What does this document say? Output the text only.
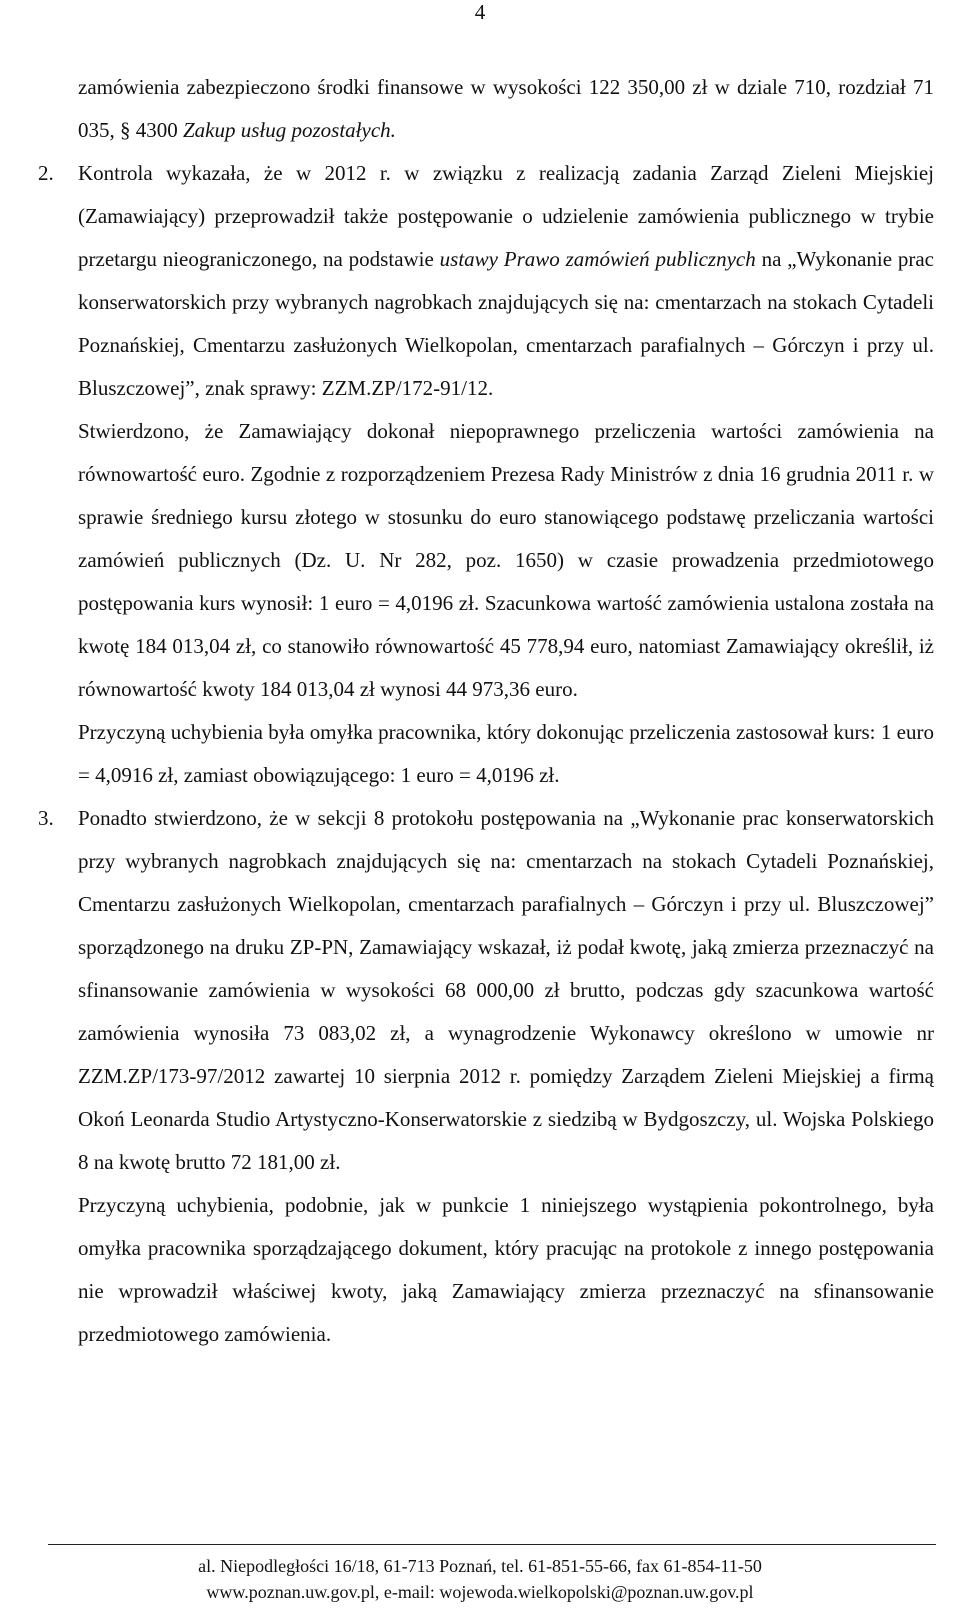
4

zamówienia zabezpieczono środki finansowe w wysokości 122 350,00 zł w dziale 710, rozdział 71 035, § 4300 Zakup usług pozostałych.

2. Kontrola wykazała, że w 2012 r. w związku z realizacją zadania Zarząd Zieleni Miejskiej (Zamawiający) przeprowadził także postępowanie o udzielenie zamówienia publicznego w trybie przetargu nieograniczonego, na podstawie ustawy Prawo zamówień publicznych na „Wykonanie prac konserwatorskich przy wybranych nagrobkach znajdujących się na: cmentarzach na stokach Cytadeli Poznańskiej, Cmentarzu zasłużonych Wielkopolan, cmentarzach parafialnych – Górczyn i przy ul. Bluszczowej”, znak sprawy: ZZM.ZP/172-91/12.

Stwierdzono, że Zamawiający dokonał niepoprawnego przeliczenia wartości zamówienia na równowartość euro. Zgodnie z rozporządzeniem Prezesa Rady Ministrów z dnia 16 grudnia 2011 r. w sprawie średniego kursu złotego w stosunku do euro stanowiącego podstawę przeliczania wartości zamówień publicznych (Dz. U. Nr 282, poz. 1650) w czasie prowadzenia przedmiotowego postępowania kurs wynosił: 1 euro = 4,0196 zł. Szacunkowa wartość zamówienia ustalona została na kwotę 184 013,04 zł, co stanowiło równowartość 45 778,94 euro, natomiast Zamawiający określił, iż równowartość kwoty 184 013,04 zł wynosi 44 973,36 euro.

Przyczyną uchybienia była omyłka pracownika, który dokonując przeliczenia zastosował kurs: 1 euro = 4,0916 zł, zamiast obowiązującego: 1 euro = 4,0196 zł.

3. Ponadto stwierdzono, że w sekcji 8 protokołu postępowania na „Wykonanie prac konserwatorskich przy wybranych nagrobkach znajdujących się na: cmentarzach na stokach Cytadeli Poznańskiej, Cmentarzu zasłużonych Wielkopolan, cmentarzach parafialnych – Górczyn i przy ul. Bluszczowej” sporządzonego na druku ZP-PN, Zamawiający wskazał, iż podał kwotę, jaką zmierza przeznaczyć na sfinansowanie zamówienia w wysokości 68 000,00 zł brutto, podczas gdy szacunkowa wartość zamówienia wynosiła 73 083,02 zł, a wynagrodzenie Wykonawcy określono w umowie nr ZZM.ZP/173-97/2012 zawartej 10 sierpnia 2012 r. pomiędzy Zarządem Zieleni Miejskiej a firmą Okoń Leonarda Studio Artystyczno-Konserwatorskie z siedzibą w Bydgoszczy, ul. Wojska Polskiego 8 na kwotę brutto 72 181,00 zł.

Przyczyną uchybienia, podobnie, jak w punkcie 1 niniejszego wystąpienia pokontrolnego, była omyłka pracownika sporządzającego dokument, który pracując na protokole z innego postępowania nie wprowadził właściwej kwoty, jaką Zamawiający zmierza przeznaczyć na sfinansowanie przedmiotowego zamówienia.

al. Niepodległości 16/18, 61-713 Poznań, tel. 61-851-55-66, fax 61-854-11-50
www.poznan.uw.gov.pl, e-mail: wojewoda.wielkopolski@poznan.uw.gov.pl
